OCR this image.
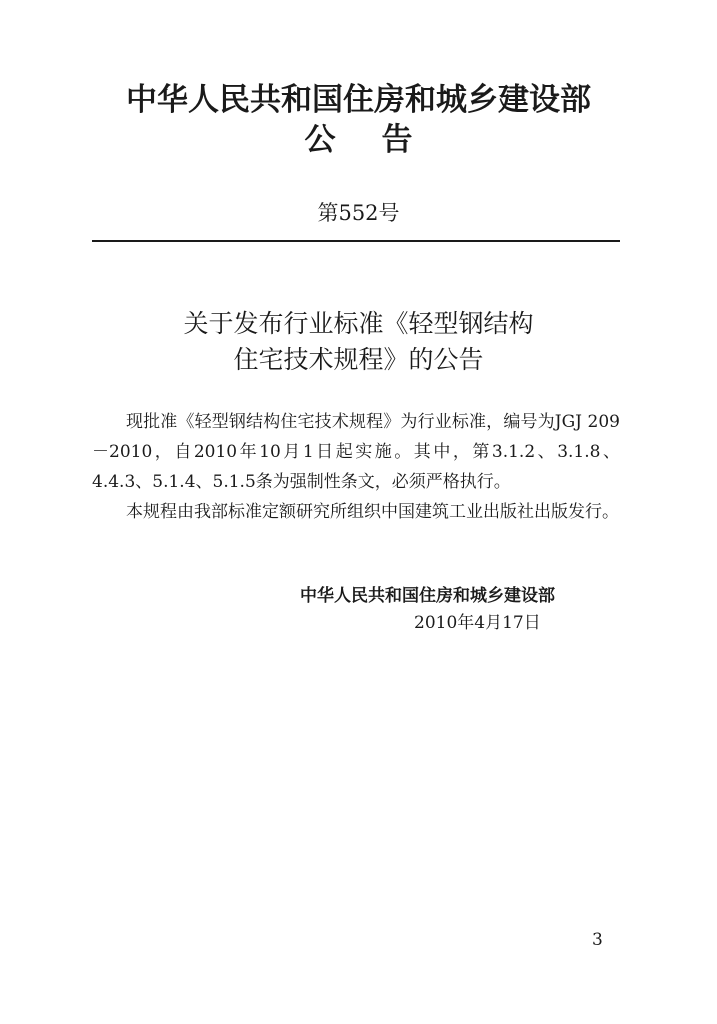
中华人民共和国住房和城乡建设部
公 告
第552号
关于发布行业标准《轻型钢结构
住宅技术规程》的公告

现批准《轻型钢结构住宅技术规程》为行业标准，编号为JGJ 209－2010，自2010年10月1日起实施。其中，第3.1.2、3.1.8、4.4.3、5.1.4、5.1.5条为强制性条文，必须严格执行。

本规程由我部标准定额研究所组织中国建筑工业出版社出版发行。

中华人民共和国住房和城乡建设部
2010年4月17日
3
